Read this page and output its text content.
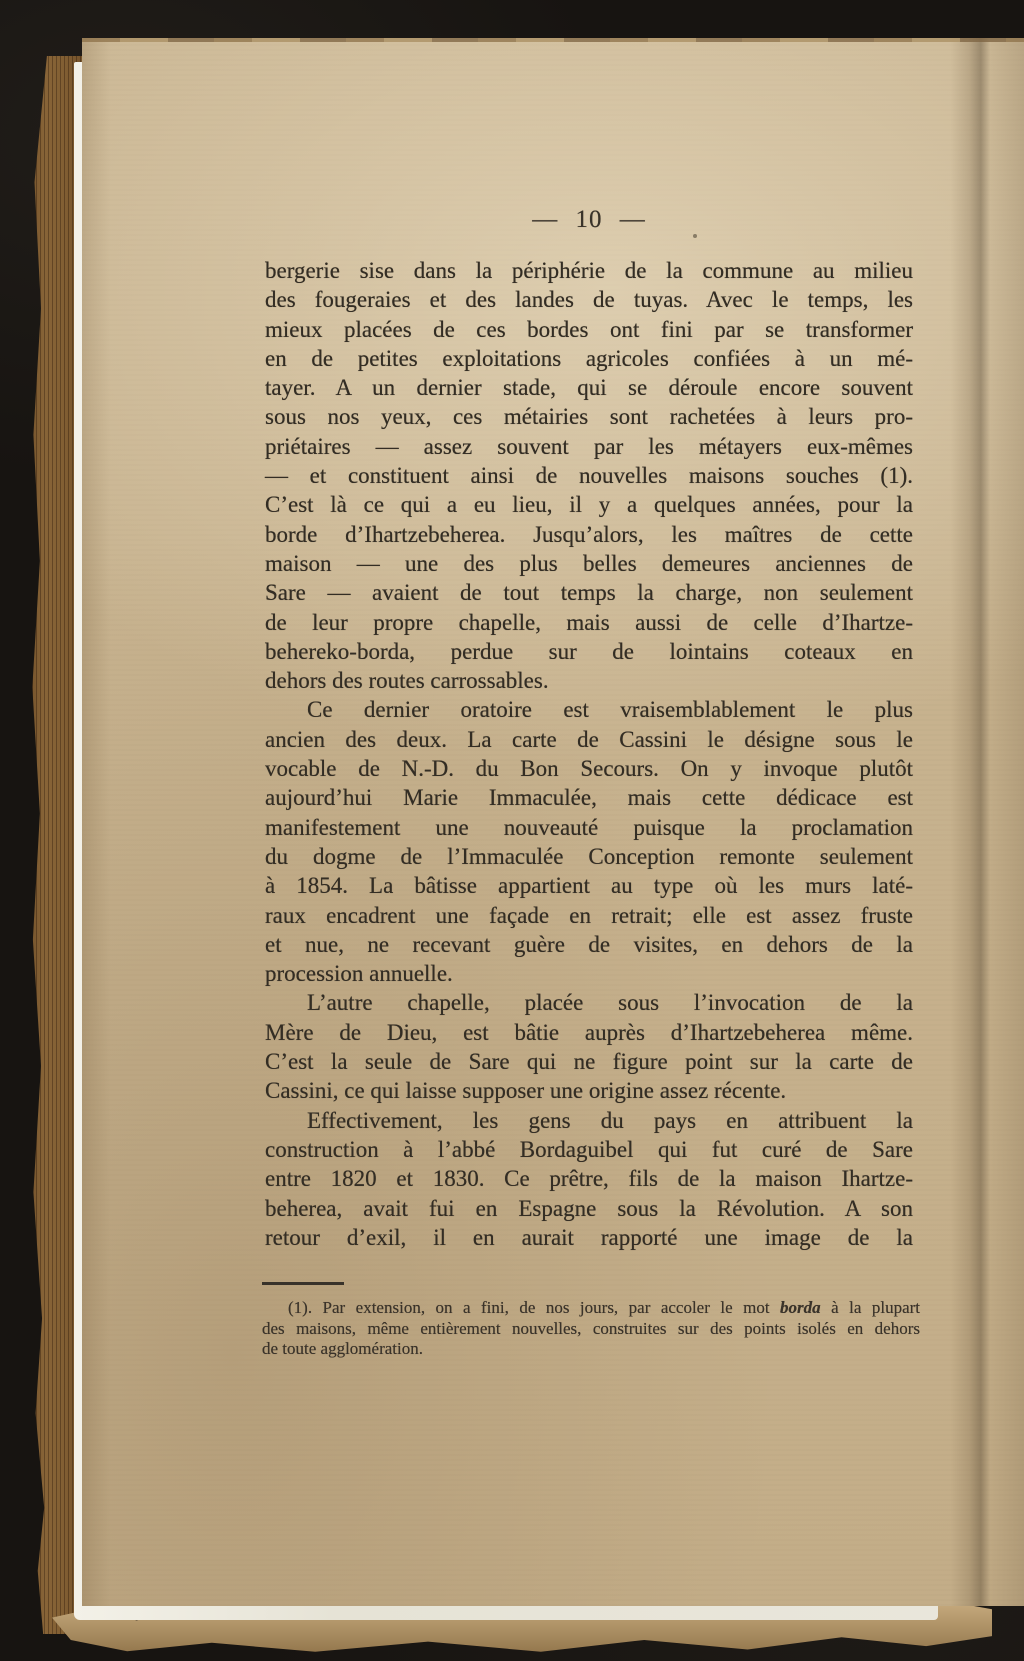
— 10 —
bergerie sise dans la périphérie de la commune au milieu
des fougeraies et des landes de tuyas. Avec le temps, les
mieux placées de ces bordes ont fini par se transformer
en de petites exploitations agricoles confiées à un mé-
tayer. A un dernier stade, qui se déroule encore souvent
sous nos yeux, ces métairies sont rachetées à leurs pro-
priétaires — assez souvent par les métayers eux-mêmes
— et constituent ainsi de nouvelles maisons souches (1).
C’est là ce qui a eu lieu, il y a quelques années, pour la
borde d’Ihartzebeherea. Jusqu’alors, les maîtres de cette
maison — une des plus belles demeures anciennes de
Sare — avaient de tout temps la charge, non seulement
de leur propre chapelle, mais aussi de celle d’Ihartze-
behereko-borda, perdue sur de lointains coteaux en
dehors des routes carrossables.
Ce dernier oratoire est vraisemblablement le plus
ancien des deux. La carte de Cassini le désigne sous le
vocable de N.-D. du Bon Secours. On y invoque plutôt
aujourd’hui Marie Immaculée, mais cette dédicace est
manifestement une nouveauté puisque la proclamation
du dogme de l’Immaculée Conception remonte seulement
à 1854. La bâtisse appartient au type où les murs laté-
raux encadrent une façade en retrait; elle est assez fruste
et nue, ne recevant guère de visites, en dehors de la
procession annuelle.
L’autre chapelle, placée sous l’invocation de la
Mère de Dieu, est bâtie auprès d’Ihartzebeherea même.
C’est la seule de Sare qui ne figure point sur la carte de
Cassini, ce qui laisse supposer une origine assez récente.
Effectivement, les gens du pays en attribuent la
construction à l’abbé Bordaguibel qui fut curé de Sare
entre 1820 et 1830. Ce prêtre, fils de la maison Ihartze-
beherea, avait fui en Espagne sous la Révolution. A son
retour d’exil, il en aurait rapporté une image de la
(1). Par extension, on a fini, de nos jours, par accoler le mot borda à la plupart
des maisons, même entièrement nouvelles, construites sur des points isolés en dehors
de toute agglomération.
